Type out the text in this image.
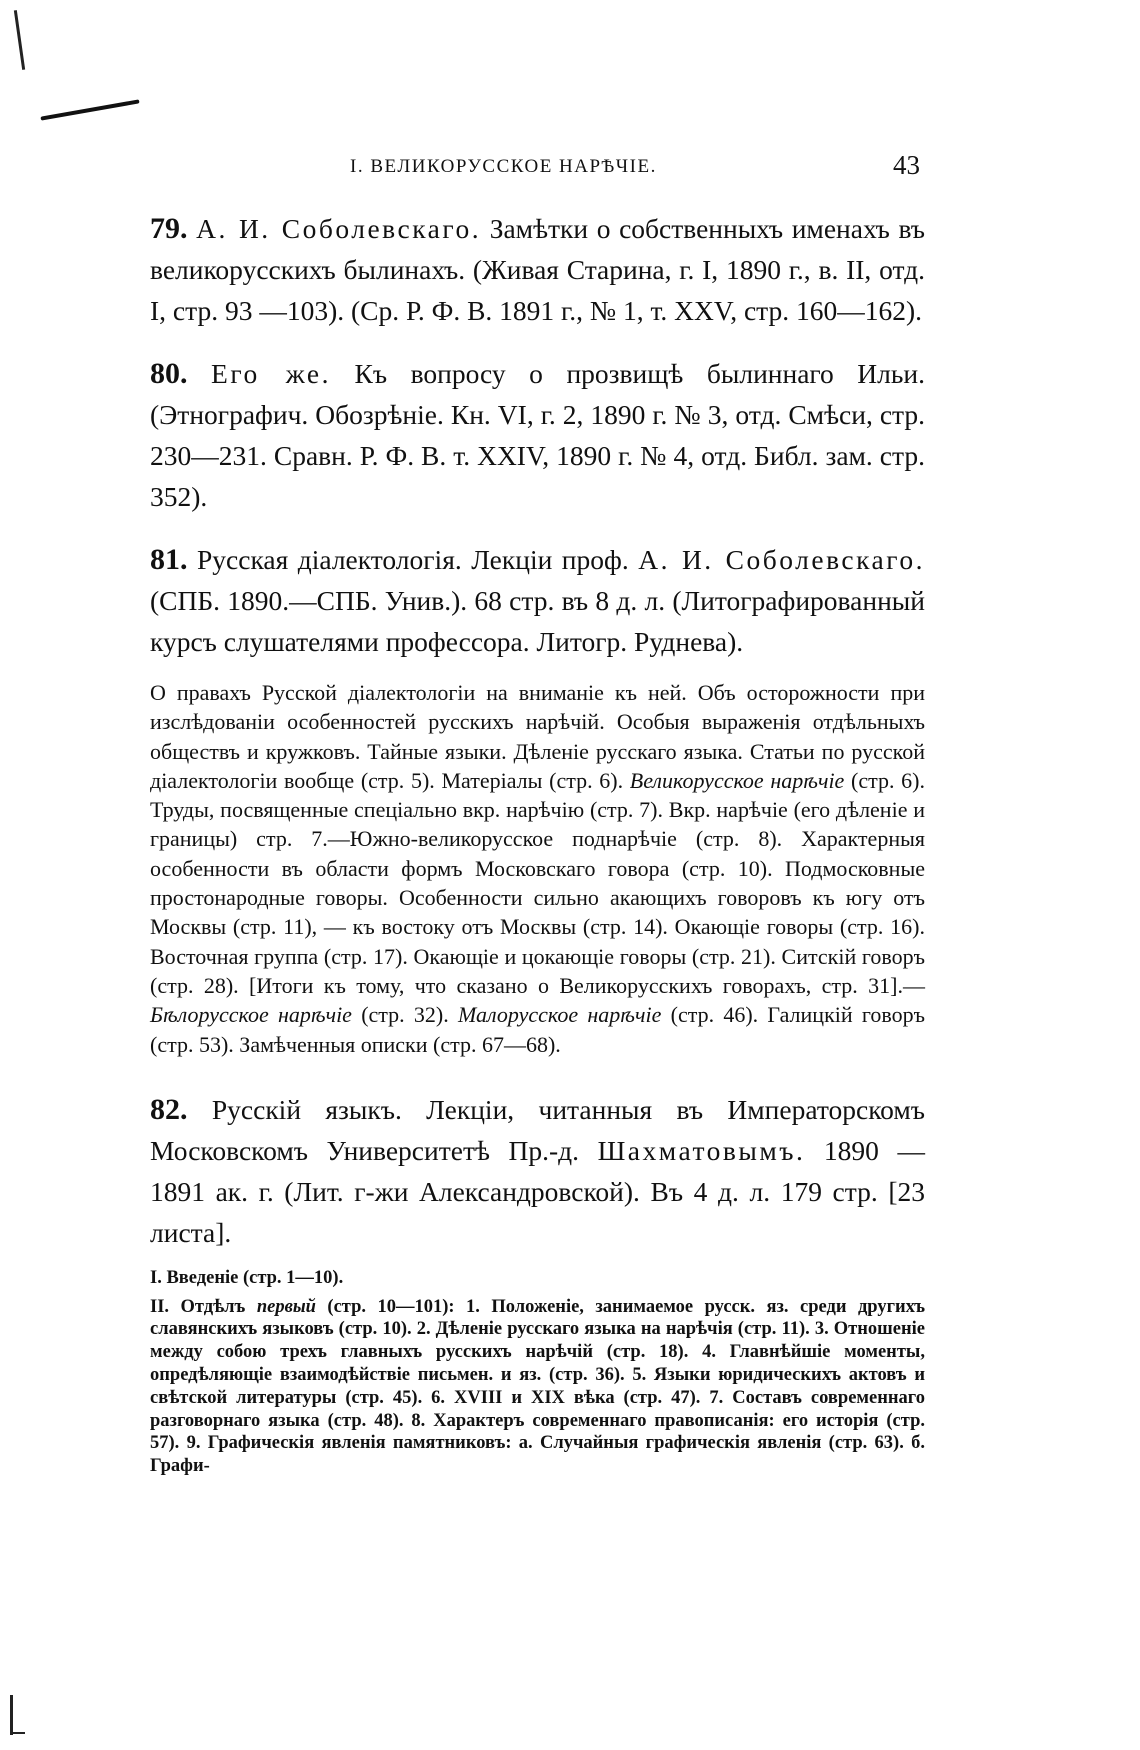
I. ВЕЛИКОРУССКОЕ НАРѢЧІЕ.	43

79. А. И. Соболевскаго. Замѣтки о собственныхъ именахъ въ великорусскихъ былинахъ. (Живая Старина, г. I, 1890 г., в. II, отд. I, стр. 93 —103). (Ср. Р. Ф. В. 1891 г., № 1, т. XXV, стр. 160—162).

80. Его же. Къ вопросу о прозвищѣ былиннаго Ильи. (Этнографич. Обозрѣніе. Кн. VI, г. 2, 1890 г. № 3, отд. Смѣси, стр. 230—231. Сравн. Р. Ф. В. т. XXIV, 1890 г. № 4, отд. Библ. зам. стр. 352).

81. Русская діалектологія. Лекціи проф. А. И. Соболевскаго. (СПБ. 1890.—СПБ. Унив.). 68 стр. въ 8 д. л. (Литографированный курсъ слушателями профессора. Литогр. Руднева).

О правахъ Русской діалектологіи на вниманіе къ ней. Объ осторожности при изслѣдованіи особенностей русскихъ нарѣчій. Особыя выраженія отдѣльныхъ обществъ и кружковъ. Тайные языки. Дѣленіе русскаго языка. Статьи по русской діалектологіи вообще (стр. 5). Матеріалы (стр. 6). Великорусское нарѣчіе (стр. 6). Труды, посвященные спеціально вкр. нарѣчію (стр. 7). Вкр. нарѣчіе (его дѣленіе и границы) стр. 7.—Южно-великорусское поднарѣчіе (стр. 8). Характерныя особенности въ области формъ Московскаго говора (стр. 10). Подмосковные простонародные говоры. Особенности сильно акающихъ говоровъ къ югу отъ Москвы (стр. 11), — къ востоку отъ Москвы (стр. 14). Окающіе говоры (стр. 16). Восточная группа (стр. 17). Окающіе и цокающіе говоры (стр. 21). Ситскій говоръ (стр. 28). [Итоги къ тому, что сказано о Великорусскихъ говорахъ, стр. 31].—Бѣлорусское нарѣчіе (стр. 32). Малорусское нарѣчіе (стр. 46). Галицкій говоръ (стр. 53). Замѣченныя описки (стр. 67—68).

82. Русскій языкъ. Лекціи, читанныя въ Императорскомъ Московскомъ Университетѣ Пр.-д. Шахматовымъ. 1890 — 1891 ак. г. (Лит. г-жи Александровской). Въ 4 д. л. 179 стр. [23 листа].

I. Введеніе (стр. 1—10).

II. Отдѣлъ первый (стр. 10—101): 1. Положеніе, занимаемое русск. яз. среди другихъ славянскихъ языковъ (стр. 10). 2. Дѣленіе русскаго языка на нарѣчія (стр. 11). 3. Отношеніе между собою трехъ главныхъ русскихъ нарѣчій (стр. 18). 4. Главнѣйшіе моменты, опредѣляющіе взаимодѣйствіе письмен. и яз. (стр. 36). 5. Языки юридическихъ актовъ и свѣтской литературы (стр. 45). 6. XVIII и XIX вѣка (стр. 47). 7. Составъ современнаго разговорнаго языка (стр. 48). 8. Характеръ современнаго правописанія: его исторія (стр. 57). 9. Графическія явленія памятниковъ: а. Случайныя графическія явленія (стр. 63). б. Графи-
